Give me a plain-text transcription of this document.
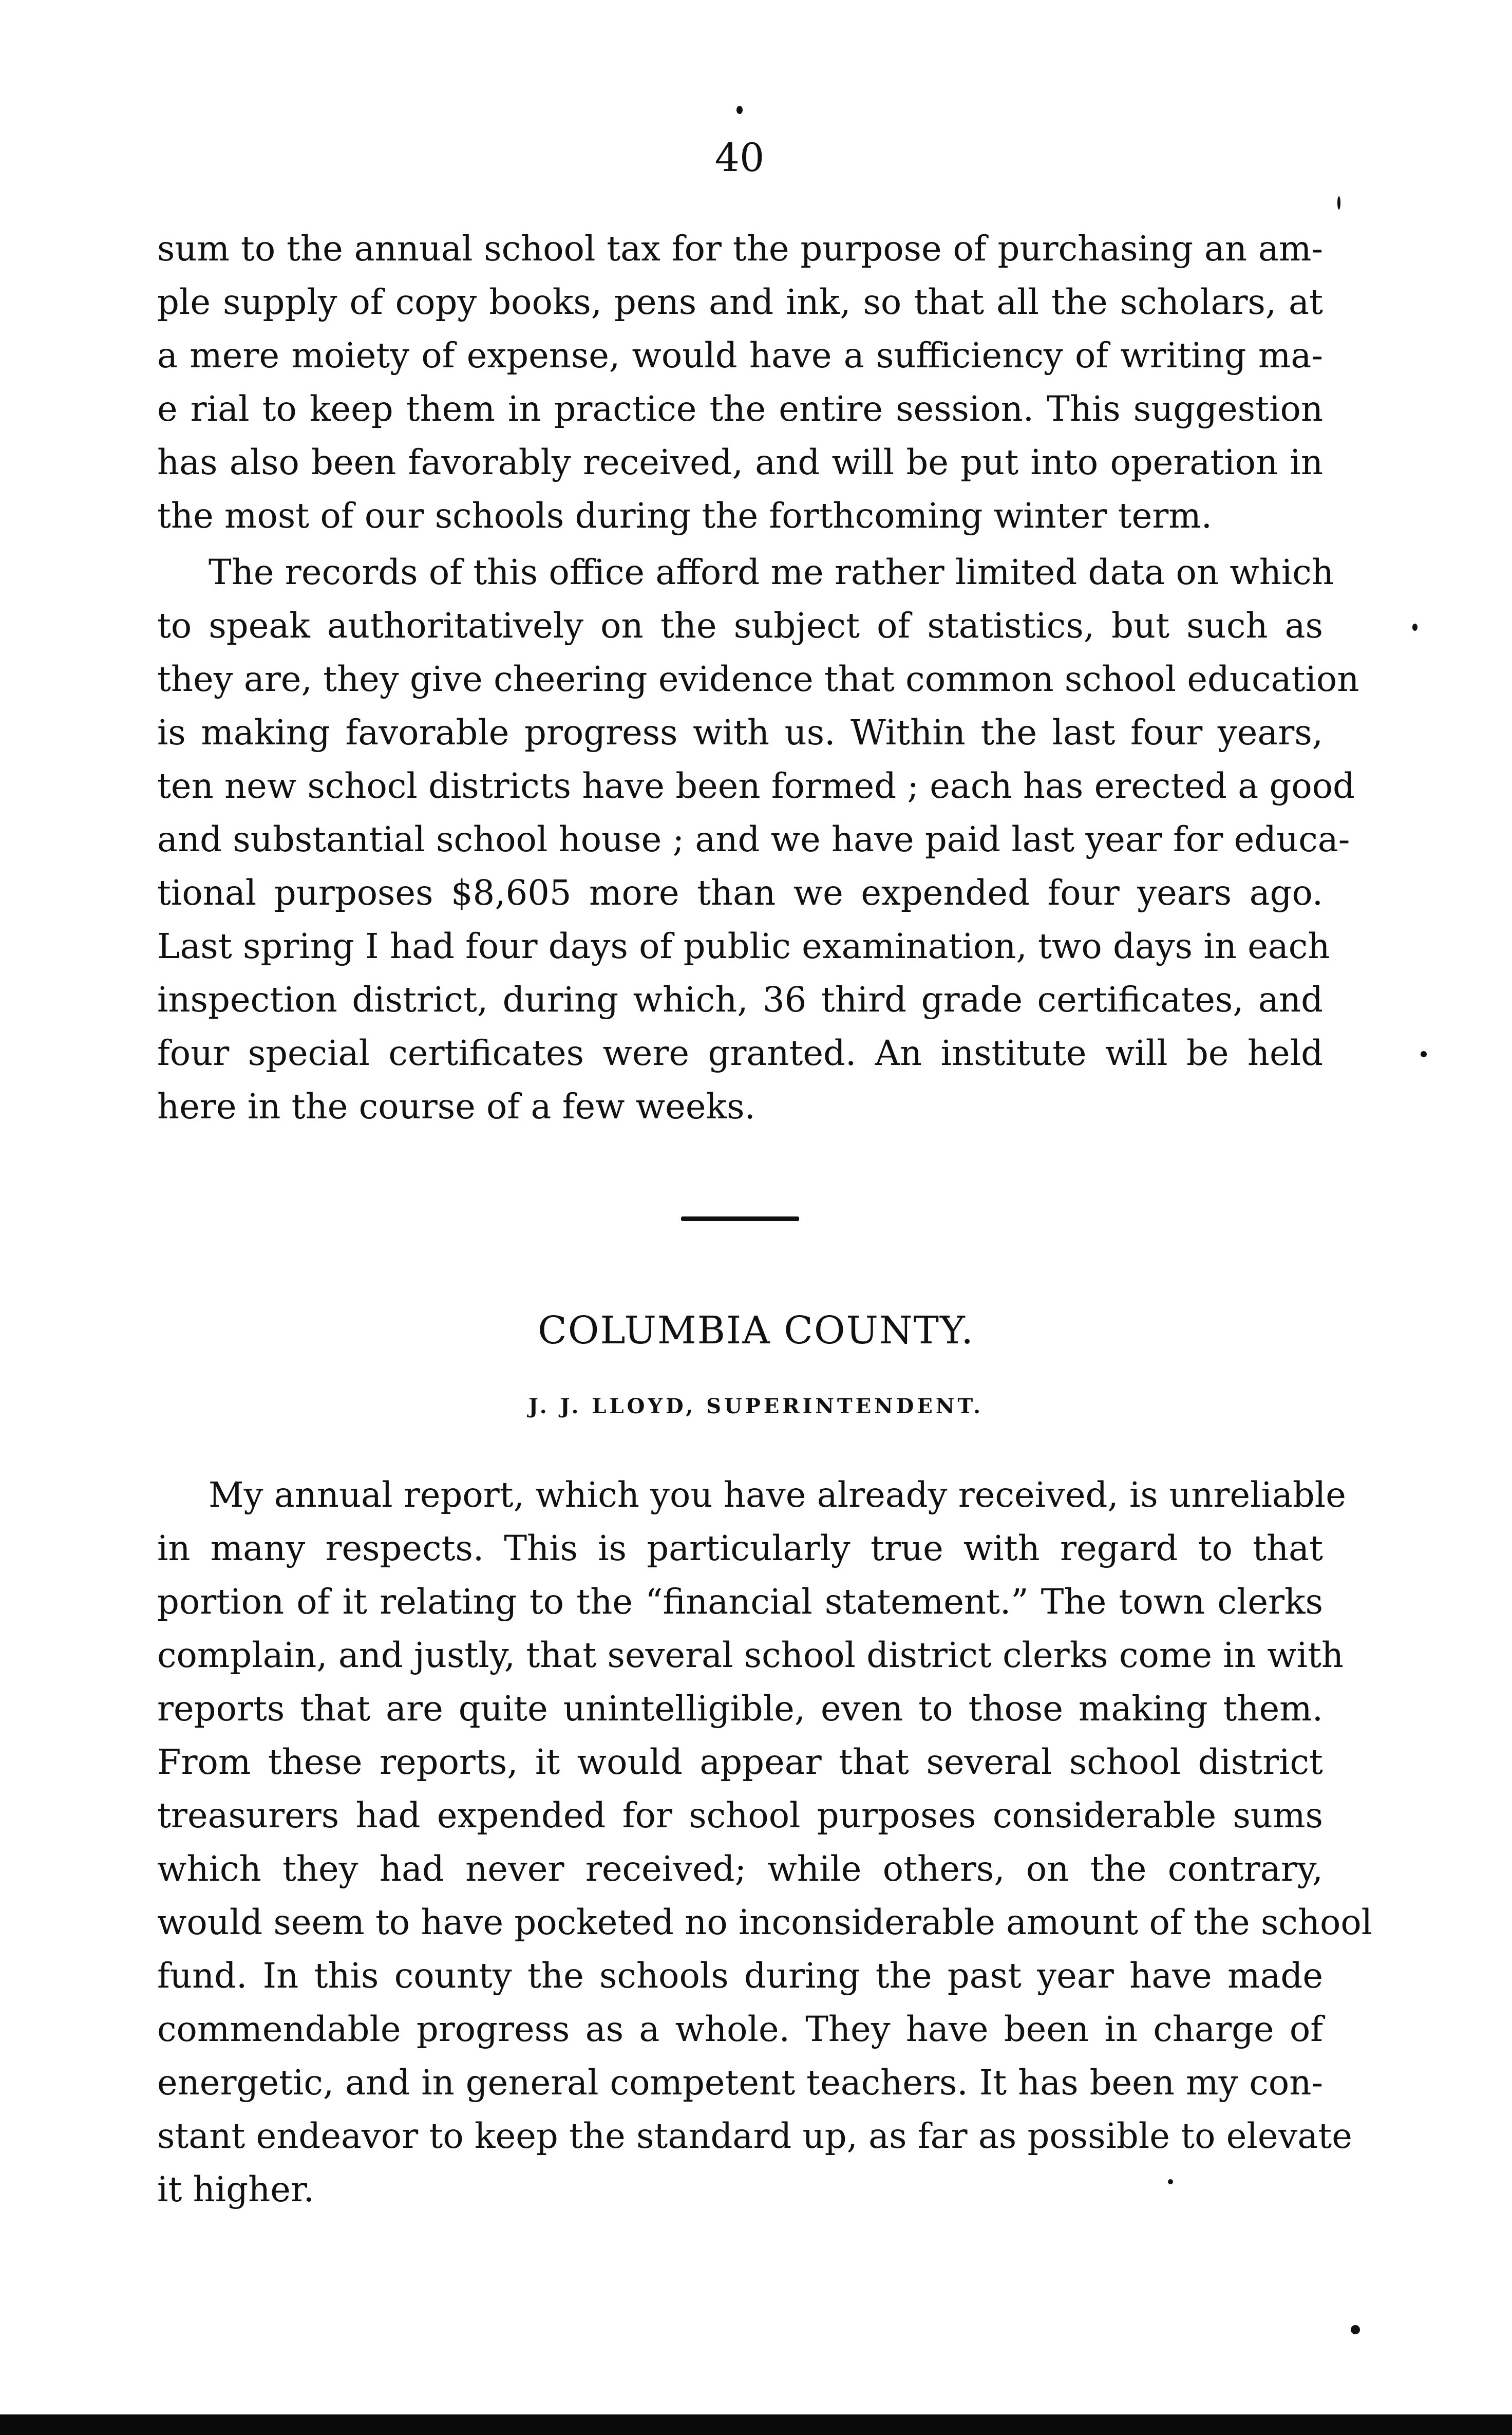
40
sum to the annual school tax for the purpose of purchasing an am-
ple supply of copy books, pens and ink, so that all the scholars, at
a mere moiety of expense, would have a sufficiency of writing ma-
e rial to keep them in practice the entire session. This suggestion
has also been favorably received, and will be put into operation in
the most of our schools during the forthcoming winter term.
The records of this office afford me rather limited data on which
to speak authoritatively on the subject of statistics, but such as
they are, they give cheering evidence that common school education
is making favorable progress with us. Within the last four years,
ten new schocl districts have been formed ; each has erected a good
and substantial school house ; and we have paid last year for educa-
tional purposes $8,605 more than we expended four years ago.
Last spring I had four days of public examination, two days in each
inspection district, during which, 36 third grade certificates, and
four special certificates were granted. An institute will be held
here in the course of a few weeks.
COLUMBIA COUNTY.
J. J. LLOYD, SUPERINTENDENT.
My annual report, which you have already received, is unreliable
in many respects. This is particularly true with regard to that
portion of it relating to the “financial statement.” The town clerks
complain, and justly, that several school district clerks come in with
reports that are quite unintelligible, even to those making them.
From these reports, it would appear that several school district
treasurers had expended for school purposes considerable sums
which they had never received; while others, on the contrary,
would seem to have pocketed no inconsiderable amount of the school
fund. In this county the schools during the past year have made
commendable progress as a whole. They have been in charge of
energetic, and in general competent teachers. It has been my con-
stant endeavor to keep the standard up, as far as possible to elevate
it higher.
